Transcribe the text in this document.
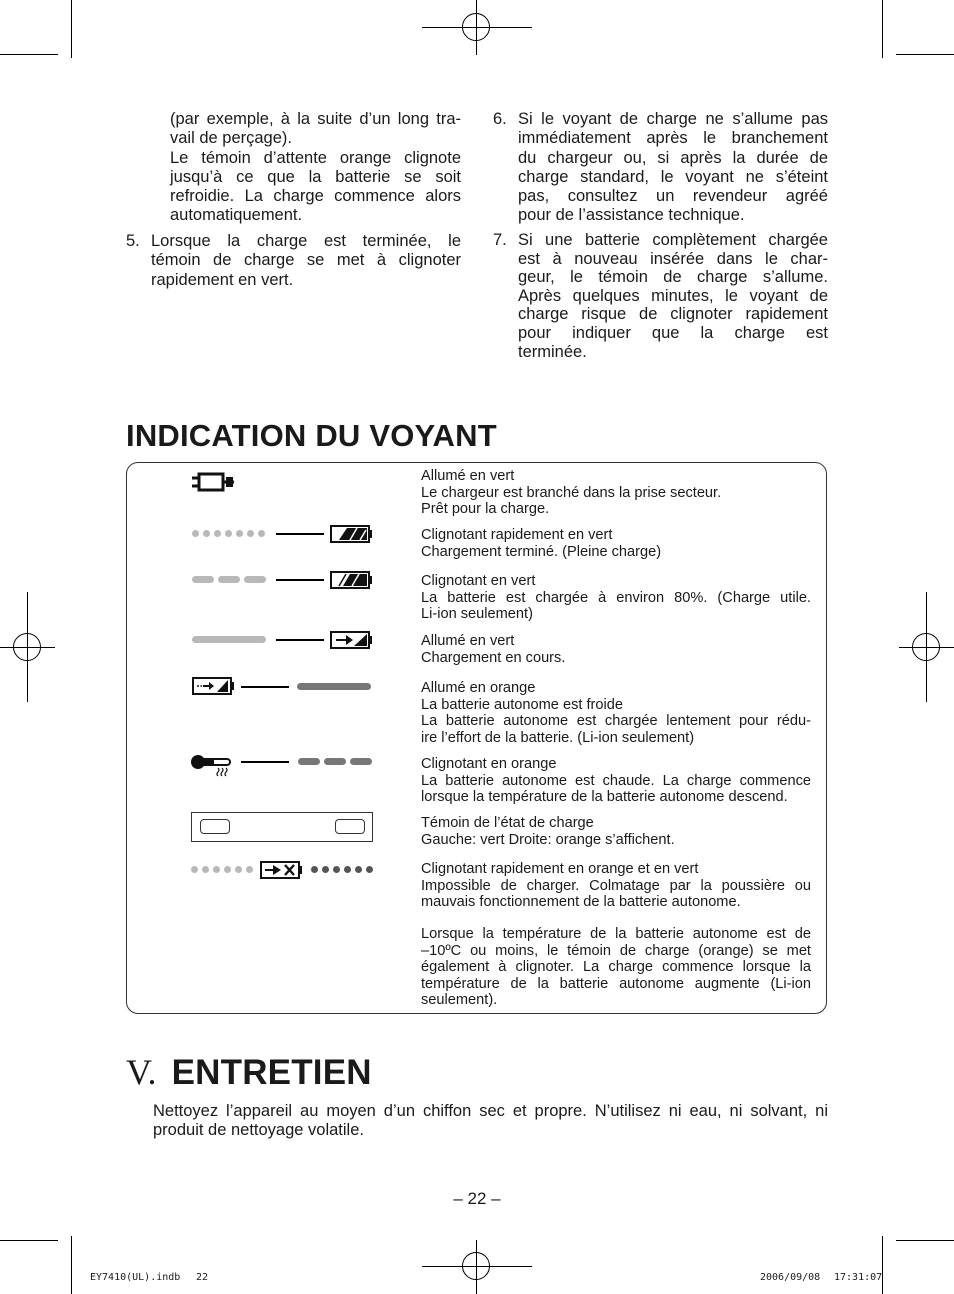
(par exemple, à la suite d’un long tra-
vail de perçage).
Le témoin d’attente orange clignote
jusqu’à ce que la batterie se soit
refroidie. La charge commence alors
automatiquement.
5. Lorsque la charge est terminée, le
témoin de charge se met à clignoter
rapidement en vert.
6. Si le voyant de charge ne s’allume pas
immédiatement après le branchement
du chargeur ou, si après la durée de
charge standard, le voyant ne s’éteint
pas, consultez un revendeur agréé
pour de l’assistance technique.
7. Si une batterie complètement chargée
est à nouveau insérée dans le char-
geur, le témoin de charge s’allume.
Après quelques minutes, le voyant de
charge risque de clignoter rapidement
pour indiquer que la charge est
terminée.
INDICATION DU VOYANT
Allumé en vert
Le chargeur est branché dans la prise secteur.
Prêt pour la charge.
Clignotant rapidement en vert
Chargement terminé. (Pleine charge)
Clignotant en vert
La batterie est chargée à environ 80%. (Charge utile.
Li-ion seulement)
Allumé en vert
Chargement en cours.
Allumé en orange
La batterie autonome est froide
La batterie autonome est chargée lentement pour rédu-
ire l’effort de la batterie. (Li-ion seulement)
Clignotant en orange
La batterie autonome est chaude. La charge commence
lorsque la température de la batterie autonome descend.
Témoin de l’état de charge
Gauche: vert Droite: orange s’affichent.
Clignotant rapidement en orange et en vert
Impossible de charger. Colmatage par la poussière ou
mauvais fonctionnement de la batterie autonome.
Lorsque la température de la batterie autonome est de
–10ºC ou moins, le témoin de charge (orange) se met
également à clignoter. La charge commence lorsque la
température de la batterie autonome augmente (Li-ion
seulement).
V. ENTRETIEN
Nettoyez l’appareil au moyen d’un chiffon sec et propre. N’utilisez ni eau, ni solvant, ni
produit de nettoyage volatile.
– 22 –
EY7410(UL).indb 22	2006/09/08 17:31:07
